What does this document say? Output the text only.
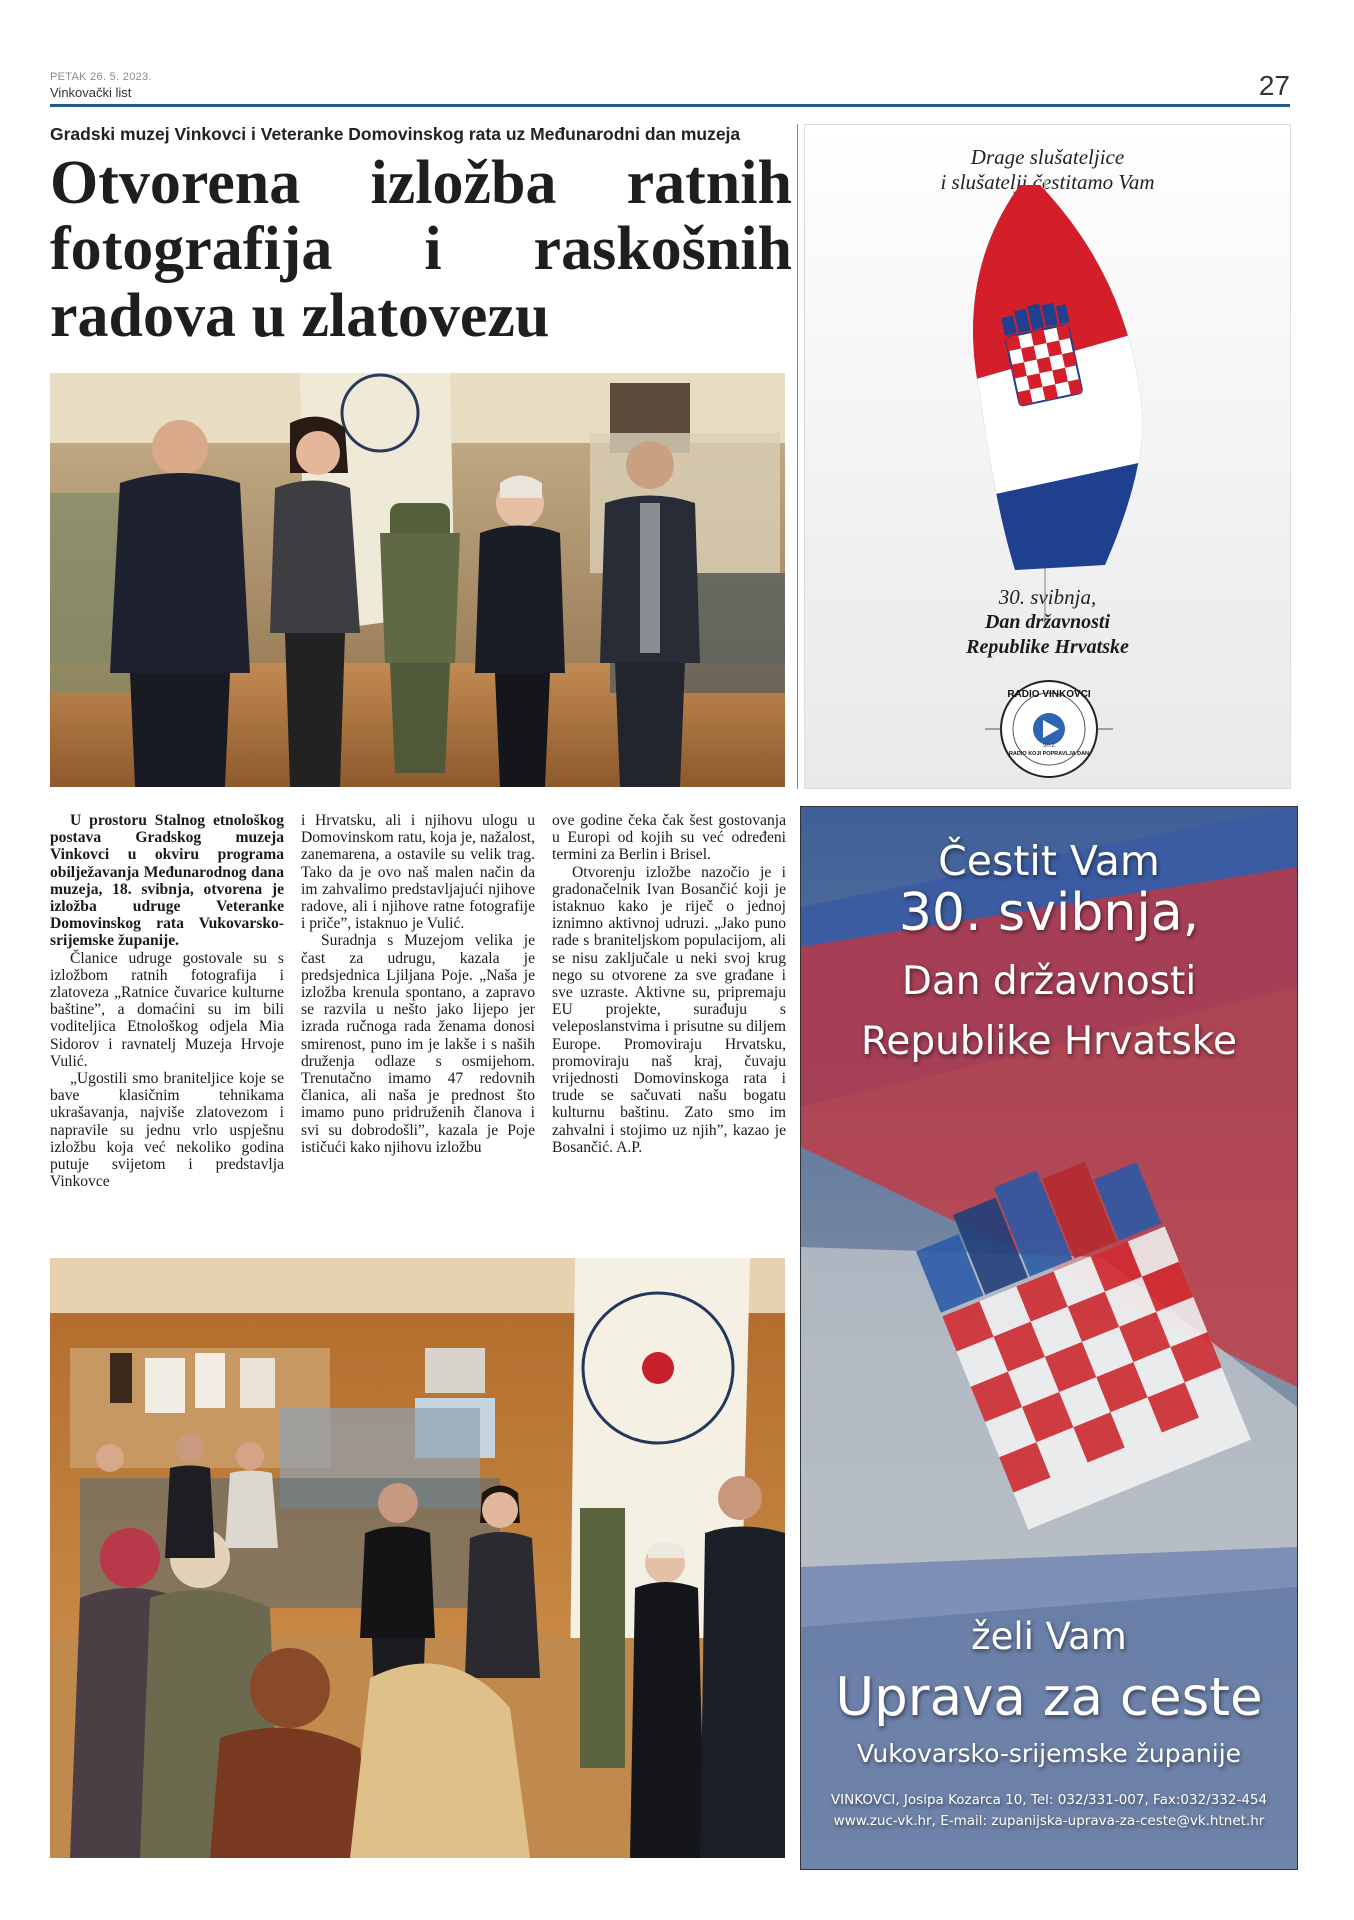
PETAK 26. 5. 2023.
Vinkovački list	27
Gradski muzej Vinkovci i Veteranke Domovinskog rata uz Međunarodni dan muzeja
Otvorena izložba ratnih fotografija i raskošnih radova u zlatovezu

U prostoru Stalnog etnološkog postava Gradskog muzeja Vinkovci u okviru programa obilježavanja Međunarodnog dana muzeja, 18. svibnja, otvorena je izložba udruge Veteranke Domovinskog rata Vukovarsko-srijemske županije.

Članice udruge gostovale su s izložbom ratnih fotografija i zlatoveza „Ratnice čuvarice kulturne baštine”, a domaćini su im bili voditeljica Etnološkog odjela Mia Sidorov i ravnatelj Muzeja Hrvoje Vulić.

„Ugostili smo braniteljice koje se bave klasičnim tehnikama ukrašavanja, najviše zlatovezom i napravile su jednu vrlo uspješnu izložbu koja već nekoliko godina putuje svijetom i predstavlja Vinkovce

i Hrvatsku, ali i njihovu ulogu u Domovinskom ratu, koja je, nažalost, zanemarena, a ostavile su velik trag. Tako da je ovo naš malen način da im zahvalimo predstavljajući njihove radove, ali i njihove ratne fotografije i priče”, istaknuo je Vulić.

Suradnja s Muzejom velika je čast za udrugu, kazala je predsjednica Ljiljana Poje. „Naša je izložba krenula spontano, a zapravo se razvila u nešto jako lijepo jer izrada ručnoga rada ženama donosi smirenost, puno im je lakše i s naših druženja odlaze s osmijehom. Trenutačno imamo 47 redovnih članica, ali naša je prednost što imamo puno pridruženih članova i svi su dobrodošli”, kazala je Poje ističući kako njihovu izložbu

ove godine čeka čak šest gostovanja u Europi od kojih su već određeni termini za Berlin i Brisel.

Otvorenju izložbe nazočio je i gradonačelnik Ivan Bosančić koji je istaknuo kako je riječ o jednoj iznimno aktivnoj udruzi. „Jako puno rade s braniteljskom populacijom, ali se nisu zaključale u neki svoj krug nego su otvorene za sve građane i sve uzraste. Aktivne su, pripremaju EU projekte, surađuju s veleposlanstvima i prisutne su diljem Europe. Promoviraju Hrvatsku, promoviraju naš kraj, čuvaju vrijednosti Domovinskoga rata i trude se sačuvati našu bogatu kulturnu baštinu. Zato smo im zahvalni i stojimo uz njih”, kazao je Bosančić. A.P.

Drage slušateljice
i slušatelji čestitamo Vam
30. svibnja,
Dan državnosti
Republike Hrvatske
RADIO VINKOVCI
RADIO KOJI POPRAVLJA DAN
90.2
Čestit Vam
30. svibnja,
Dan državnosti
Republike Hrvatske
želi Vam
Uprava za ceste
Vukovarsko-srijemske županije
VINKOVCI, Josipa Kozarca 10, Tel: 032/331-007, Fax:032/332-454
www.zuc-vk.hr, E-mail: zupanijska-uprava-za-ceste@vk.htnet.hr
